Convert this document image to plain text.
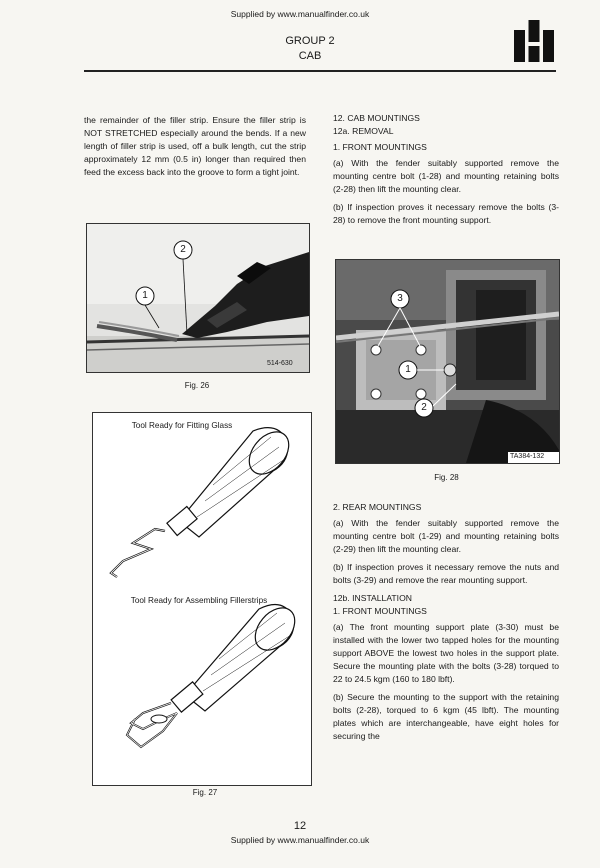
Supplied by www.manualfinder.co.uk
GROUP 2
CAB

the remainder of the filler strip. Ensure the filler strip is NOT STRETCHED especially around the bends. If a new length of filler strip is used, off a bulk length, cut the strip approximately 12 mm (0.5 in) longer than required then feed the excess back into the groove to form a tight joint.

1
2
514-630
Fig. 26
Tool Ready for Fitting Glass
Tool Ready for Assembling Fillerstrips
Fig. 27

12. CAB MOUNTINGS

12a. REMOVAL

1. FRONT MOUNTINGS

(a) With the fender suitably supported remove the mounting centre bolt (1-28) and mounting retaining bolts (2-28) then lift the mounting clear.

(b) If inspection proves it necessary remove the bolts (3-28) to remove the front mounting support.

3
1
2
TA384-132
Fig. 28

2. REAR MOUNTINGS

(a) With the fender suitably supported remove the mounting centre bolt (1-29) and mounting retaining bolts (2-29) then lift the mounting clear.

(b) If inspection proves it necessary remove the nuts and bolts (3-29) and remove the rear mounting support.

12b. INSTALLATION

1. FRONT MOUNTINGS

(a) The front mounting support plate (3-30) must be installed with the lower two tapped holes for the mounting support ABOVE the lowest two holes in the support plate. Secure the mounting plate with the bolts (3-28) torqued to 22 to 24.5 kgm (160 to 180 lbft).

(b) Secure the mounting to the support with the retaining bolts (2-28), torqued to 6 kgm (45 lbft). The mounting plates which are interchangeable, have eight holes for securing the

12
Supplied by www.manualfinder.co.uk
